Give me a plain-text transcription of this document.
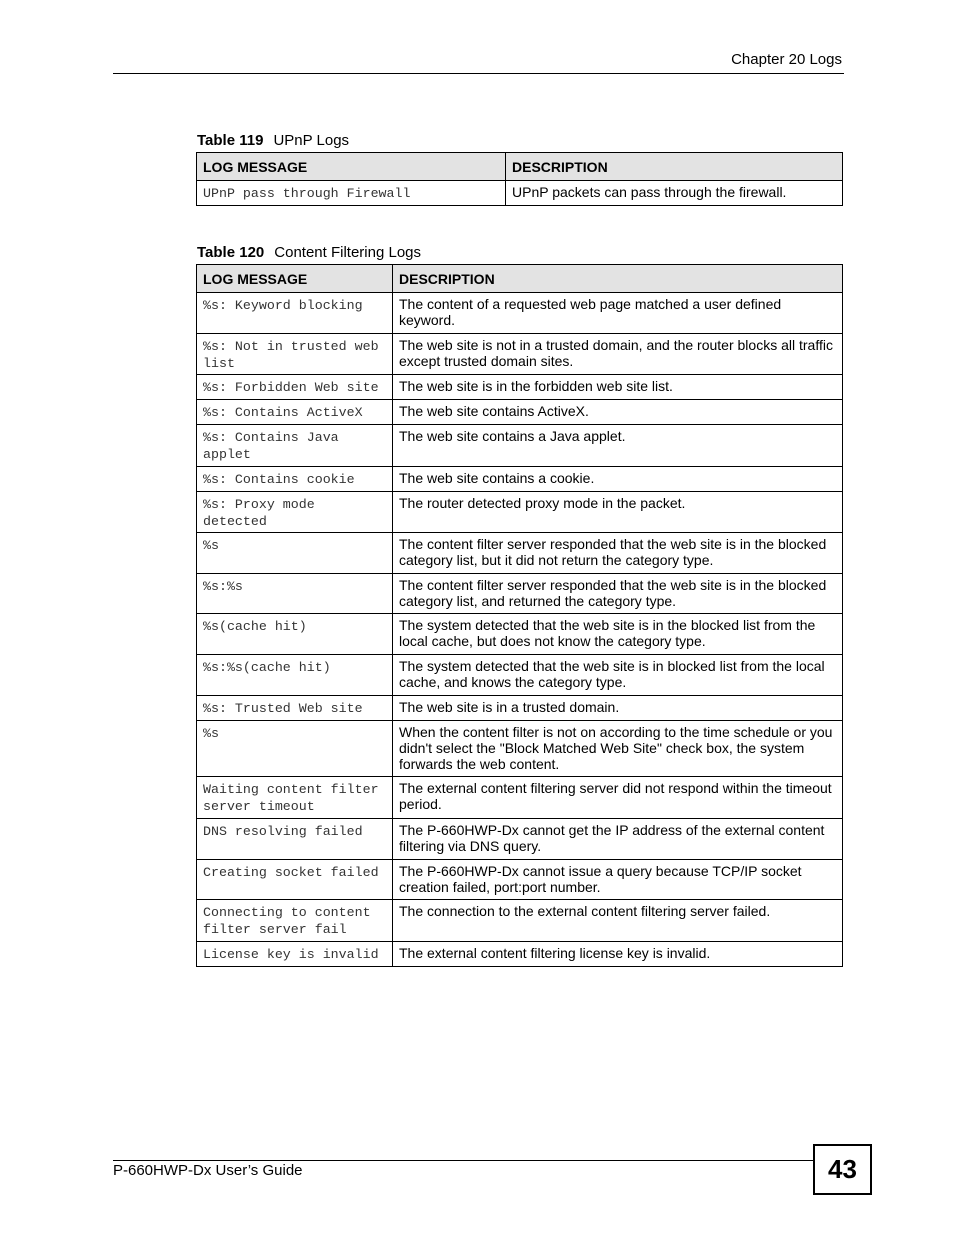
Chapter 20 Logs
Table 119 UPnP Logs
LOG MESSAGE	DESCRIPTION
UPnP pass through Firewall	UPnP packets can pass through the firewall.
Table 120 Content Filtering Logs
LOG MESSAGE	DESCRIPTION
%s: Keyword blocking	The content of a requested web page matched a user defined keyword.
%s: Not in trusted web list	The web site is not in a trusted domain, and the router blocks all traffic except trusted domain sites.
%s: Forbidden Web site	The web site is in the forbidden web site list.
%s: Contains ActiveX	The web site contains ActiveX.
%s: Contains Java applet	The web site contains a Java applet.
%s: Contains cookie	The web site contains a cookie.
%s: Proxy mode detected	The router detected proxy mode in the packet.
%s	The content filter server responded that the web site is in the blocked category list, but it did not return the category type.
%s:%s	The content filter server responded that the web site is in the blocked category list, and returned the category type.
%s(cache hit)	The system detected that the web site is in the blocked list from the local cache, but does not know the category type.
%s:%s(cache hit)	The system detected that the web site is in blocked list from the local cache, and knows the category type.
%s: Trusted Web site	The web site is in a trusted domain.
%s	When the content filter is not on according to the time schedule or you didn't select the "Block Matched Web Site" check box, the system forwards the web content.
Waiting content filter server timeout	The external content filtering server did not respond within the timeout period.
DNS resolving failed	The P-660HWP-Dx cannot get the IP address of the external content filtering via DNS query.
Creating socket failed	The P-660HWP-Dx cannot issue a query because TCP/IP socket creation failed, port:port number.
Connecting to content filter server fail	The connection to the external content filtering server failed.
License key is invalid	The external content filtering license key is invalid.
P-660HWP-Dx User’s Guide	43
